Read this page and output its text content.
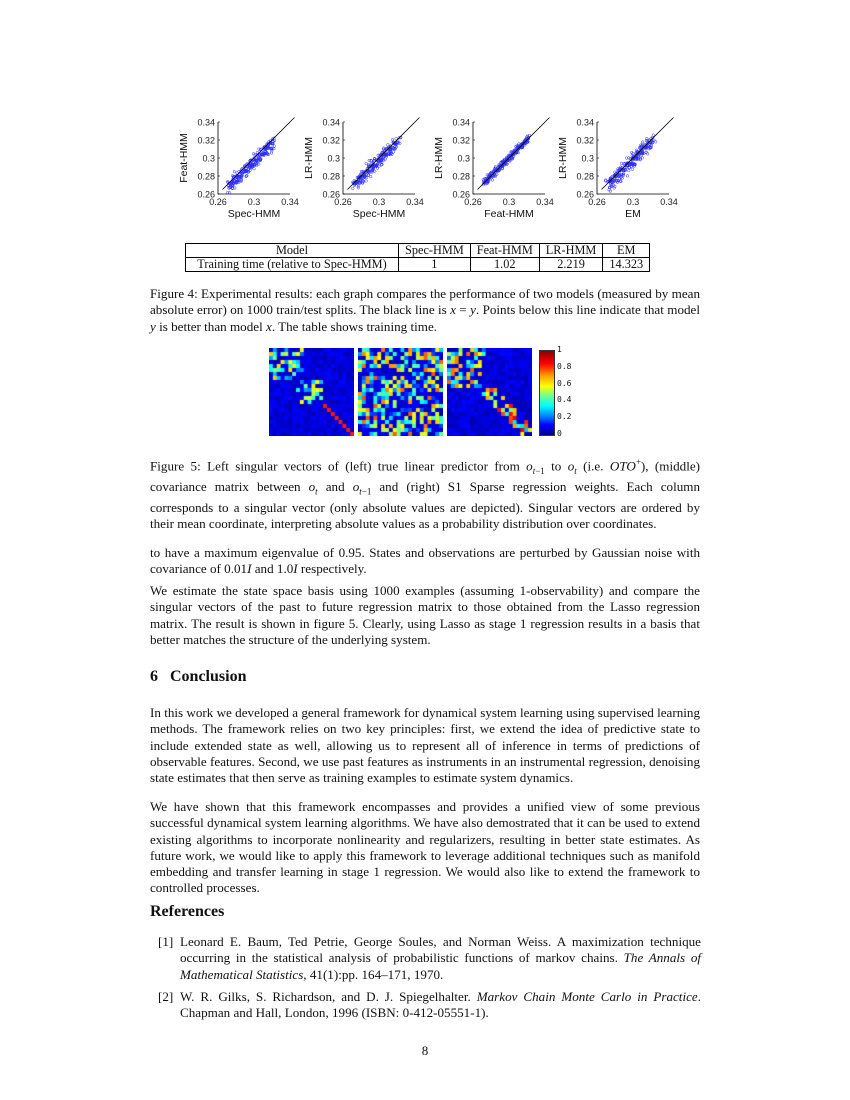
0.26
0.28
0.3
0.32
0.34
0.26 0.3 0.34
Spec-HMM
Feat-HMM
0.26
0.28
0.3
0.32
0.34
0.26 0.3 0.34
Spec-HMM
LR-HMM
0.26
0.28
0.3
0.32
0.34
0.26 0.3 0.34
Feat-HMM
LR-HMM
0.26
0.28
0.3
0.32
0.34
0.26 0.3 0.34
EM
LR-HMM
Model	Spec-HMM	Feat-HMM	LR-HMM	EM
Training time (relative to Spec-HMM)	1	1.02	2.219	14.323
Figure 4: Experimental results: each graph compares the performance of two models (measured by mean absolute error) on 1000 train/test splits. The black line is x = y. Points below this line indicate that model y is better than model x. The table shows training time.
1
0.8
0.6
0.4
0.2
0
Figure 5: Left singular vectors of (left) true linear predictor from $o_{t-1}$ to $o_t$ (i.e. OTO+), (middle) covariance matrix between $o_t$ and $o_{t-1}$ and (right) S1 Sparse regression weights. Each column corresponds to a singular vector (only absolute values are depicted). Singular vectors are ordered by their mean coordinate, interpreting absolute values as a probability distribution over coordinates.
to have a maximum eigenvalue of 0.95. States and observations are perturbed by Gaussian noise with covariance of 0.01I and 1.0I respectively.
We estimate the state space basis using 1000 examples (assuming 1-observability) and compare the singular vectors of the past to future regression matrix to those obtained from the Lasso regression matrix. The result is shown in figure 5. Clearly, using Lasso as stage 1 regression results in a basis that better matches the structure of the underlying system.
6   Conclusion
In this work we developed a general framework for dynamical system learning using supervised learning methods. The framework relies on two key principles: first, we extend the idea of predictive state to include extended state as well, allowing us to represent all of inference in terms of predictions of observable features. Second, we use past features as instruments in an instrumental regression, denoising state estimates that then serve as training examples to estimate system dynamics.
We have shown that this framework encompasses and provides a unified view of some previous successful dynamical system learning algorithms. We have also demostrated that it can be used to extend existing algorithms to incorporate nonlinearity and regularizers, resulting in better state estimates. As future work, we would like to apply this framework to leverage additional techniques such as manifold embedding and transfer learning in stage 1 regression. We would also like to extend the framework to controlled processes.
References
[1] Leonard E. Baum, Ted Petrie, George Soules, and Norman Weiss. A maximization technique occurring in the statistical analysis of probabilistic functions of markov chains. The Annals of Mathematical Statistics, 41(1):pp. 164–171, 1970.
[2] W. R. Gilks, S. Richardson, and D. J. Spiegelhalter. Markov Chain Monte Carlo in Practice. Chapman and Hall, London, 1996 (ISBN: 0-412-05551-1).
8
